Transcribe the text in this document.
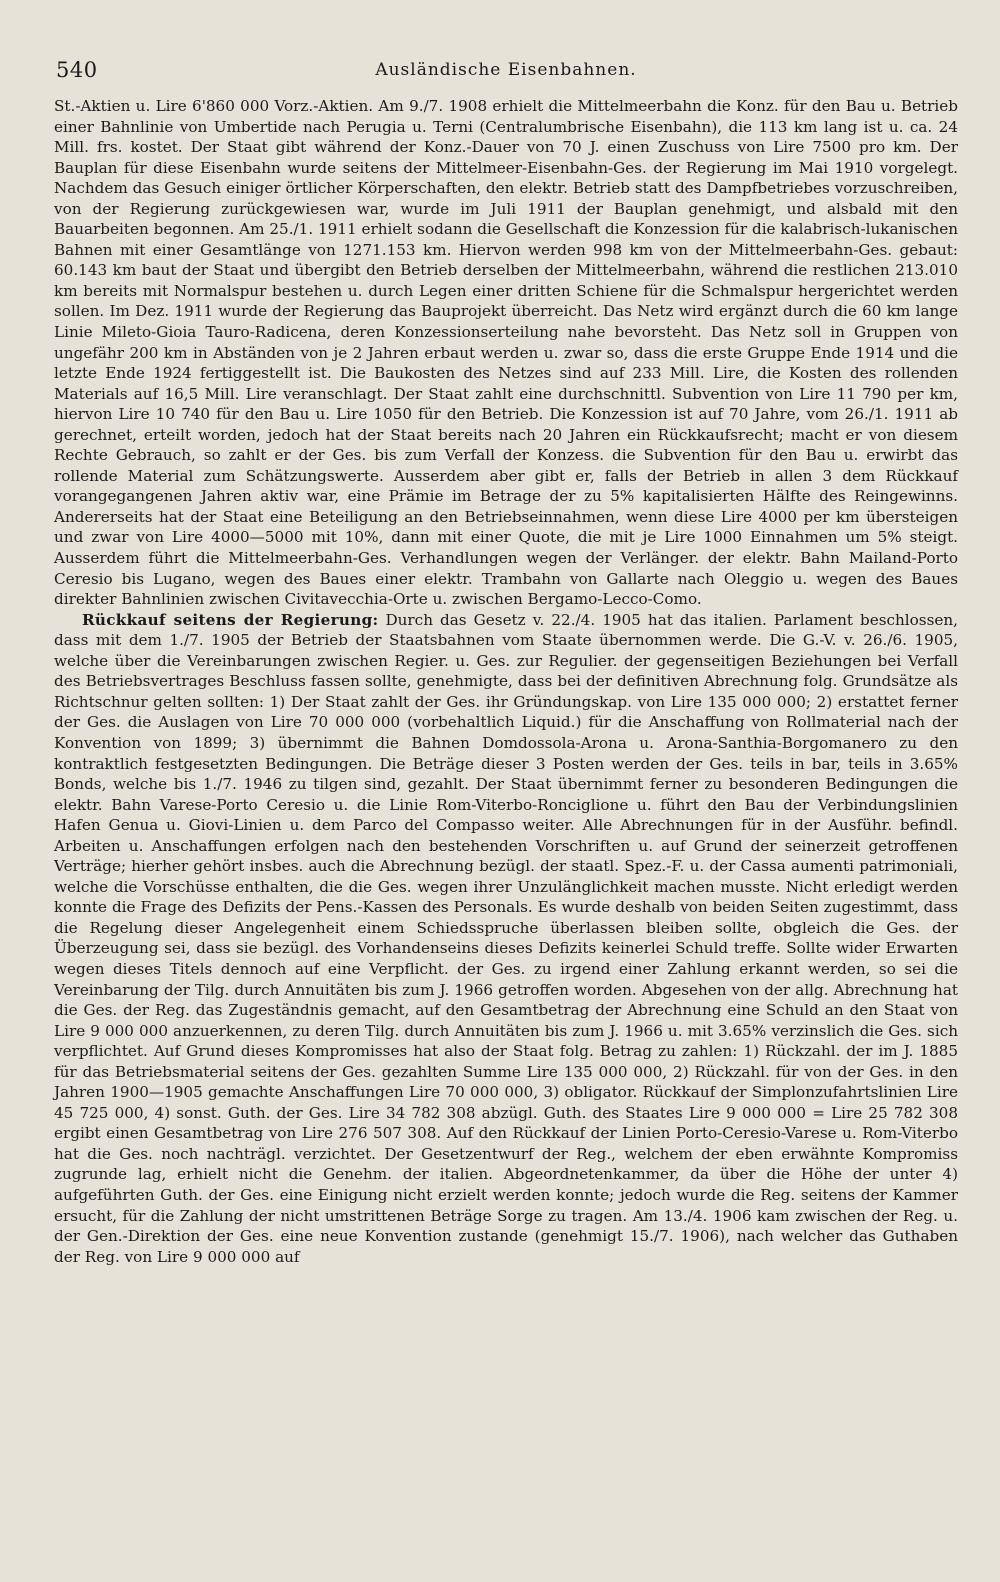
540	Ausländische Eisenbahnen.

St.-Aktien u. Lire 6'860 000 Vorz.-Aktien. Am 9./7. 1908 erhielt die Mittelmeerbahn die Konz. für den Bau u. Betrieb einer Bahnlinie von Umbertide nach Perugia u. Terni (Centralumbrische Eisenbahn), die 113 km lang ist u. ca. 24 Mill. frs. kostet. Der Staat gibt während der Konz.-Dauer von 70 J. einen Zuschuss von Lire 7500 pro km. Der Bauplan für diese Eisenbahn wurde seitens der Mittelmeer-Eisenbahn-Ges. der Regierung im Mai 1910 vorgelegt. Nachdem das Gesuch einiger örtlicher Körperschaften, den elektr. Betrieb statt des Dampfbetriebes vorzuschreiben, von der Regierung zurückgewiesen war, wurde im Juli 1911 der Bauplan genehmigt, und alsbald mit den Bauarbeiten begonnen. Am 25./1. 1911 erhielt sodann die Gesellschaft die Konzession für die kalabrisch-lukanischen Bahnen mit einer Gesamtlänge von 1271.153 km. Hiervon werden 998 km von der Mittelmeerbahn-Ges. gebaut: 60.143 km baut der Staat und übergibt den Betrieb derselben der Mittelmeerbahn, während die restlichen 213.010 km bereits mit Normalspur bestehen u. durch Legen einer dritten Schiene für die Schmalspur hergerichtet werden sollen. Im Dez. 1911 wurde der Regierung das Bauprojekt überreicht. Das Netz wird ergänzt durch die 60 km lange Linie Mileto-Gioia Tauro-Radicena, deren Konzessionserteilung nahe bevorsteht. Das Netz soll in Gruppen von ungefähr 200 km in Abständen von je 2 Jahren erbaut werden u. zwar so, dass die erste Gruppe Ende 1914 und die letzte Ende 1924 fertiggestellt ist. Die Baukosten des Netzes sind auf 233 Mill. Lire, die Kosten des rollenden Materials auf 16,5 Mill. Lire veranschlagt. Der Staat zahlt eine durchschnittl. Subvention von Lire 11 790 per km, hiervon Lire 10 740 für den Bau u. Lire 1050 für den Betrieb. Die Konzession ist auf 70 Jahre, vom 26./1. 1911 ab gerechnet, erteilt worden, jedoch hat der Staat bereits nach 20 Jahren ein Rückkaufsrecht; macht er von diesem Rechte Gebrauch, so zahlt er der Ges. bis zum Verfall der Konzess. die Subvention für den Bau u. erwirbt das rollende Material zum Schätzungswerte. Ausserdem aber gibt er, falls der Betrieb in allen 3 dem Rückkauf vorangegangenen Jahren aktiv war, eine Prämie im Betrage der zu 5% kapitalisierten Hälfte des Reingewinns. Andererseits hat der Staat eine Beteiligung an den Betriebseinnahmen, wenn diese Lire 4000 per km übersteigen und zwar von Lire 4000—5000 mit 10%, dann mit einer Quote, die mit je Lire 1000 Einnahmen um 5% steigt. Ausserdem führt die Mittelmeerbahn-Ges. Verhandlungen wegen der Verlänger. der elektr. Bahn Mailand-Porto Ceresio bis Lugano, wegen des Baues einer elektr. Trambahn von Gallarte nach Oleggio u. wegen des Baues direkter Bahnlinien zwischen Civitavecchia-Orte u. zwischen Bergamo-Lecco-Como.

Rückkauf seitens der Regierung: Durch das Gesetz v. 22./4. 1905 hat das italien. Parlament beschlossen, dass mit dem 1./7. 1905 der Betrieb der Staatsbahnen vom Staate übernommen werde. Die G.-V. v. 26./6. 1905, welche über die Vereinbarungen zwischen Regier. u. Ges. zur Regulier. der gegenseitigen Beziehungen bei Verfall des Betriebsvertrages Beschluss fassen sollte, genehmigte, dass bei der definitiven Abrechnung folg. Grundsätze als Richtschnur gelten sollten: 1) Der Staat zahlt der Ges. ihr Gründungskap. von Lire 135 000 000; 2) erstattet ferner der Ges. die Auslagen von Lire 70 000 000 (vorbehaltlich Liquid.) für die Anschaffung von Rollmaterial nach der Konvention von 1899; 3) übernimmt die Bahnen Domdossola-Arona u. Arona-Santhia-Borgomanero zu den kontraktlich festgesetzten Bedingungen. Die Beträge dieser 3 Posten werden der Ges. teils in bar, teils in 3.65% Bonds, welche bis 1./7. 1946 zu tilgen sind, gezahlt. Der Staat übernimmt ferner zu besonderen Bedingungen die elektr. Bahn Varese-Porto Ceresio u. die Linie Rom-Viterbo-Ronciglione u. führt den Bau der Verbindungslinien Hafen Genua u. Giovi-Linien u. dem Parco del Compasso weiter. Alle Abrechnungen für in der Ausführ. befindl. Arbeiten u. Anschaffungen erfolgen nach den bestehenden Vorschriften u. auf Grund der seinerzeit getroffenen Verträge; hierher gehört insbes. auch die Abrechnung bezügl. der staatl. Spez.-F. u. der Cassa aumenti patrimoniali, welche die Vorschüsse enthalten, die die Ges. wegen ihrer Unzulänglichkeit machen musste. Nicht erledigt werden konnte die Frage des Defizits der Pens.-Kassen des Personals. Es wurde deshalb von beiden Seiten zugestimmt, dass die Regelung dieser Angelegenheit einem Schiedsspruche überlassen bleiben sollte, obgleich die Ges. der Überzeugung sei, dass sie bezügl. des Vorhandenseins dieses Defizits keinerlei Schuld treffe. Sollte wider Erwarten wegen dieses Titels dennoch auf eine Verpflicht. der Ges. zu irgend einer Zahlung erkannt werden, so sei die Vereinbarung der Tilg. durch Annuitäten bis zum J. 1966 getroffen worden. Abgesehen von der allg. Abrechnung hat die Ges. der Reg. das Zugeständnis gemacht, auf den Gesamtbetrag der Abrechnung eine Schuld an den Staat von Lire 9 000 000 anzuerkennen, zu deren Tilg. durch Annuitäten bis zum J. 1966 u. mit 3.65% verzinslich die Ges. sich verpflichtet. Auf Grund dieses Kompromisses hat also der Staat folg. Betrag zu zahlen: 1) Rückzahl. der im J. 1885 für das Betriebsmaterial seitens der Ges. gezahlten Summe Lire 135 000 000, 2) Rückzahl. für von der Ges. in den Jahren 1900—1905 gemachte Anschaffungen Lire 70 000 000, 3) obligator. Rückkauf der Simplonzufahrtslinien Lire 45 725 000, 4) sonst. Guth. der Ges. Lire 34 782 308 abzügl. Guth. des Staates Lire 9 000 000 = Lire 25 782 308 ergibt einen Gesamtbetrag von Lire 276 507 308. Auf den Rückkauf der Linien Porto-Ceresio-Varese u. Rom-Viterbo hat die Ges. noch nachträgl. verzichtet. Der Gesetzentwurf der Reg., welchem der eben erwähnte Kompromiss zugrunde lag, erhielt nicht die Genehm. der italien. Abgeordnetenkammer, da über die Höhe der unter 4) aufgeführten Guth. der Ges. eine Einigung nicht erzielt werden konnte; jedoch wurde die Reg. seitens der Kammer ersucht, für die Zahlung der nicht umstrittenen Beträge Sorge zu tragen. Am 13./4. 1906 kam zwischen der Reg. u. der Gen.-Direktion der Ges. eine neue Konvention zustande (genehmigt 15./7. 1906), nach welcher das Guthaben der Reg. von Lire 9 000 000 auf
